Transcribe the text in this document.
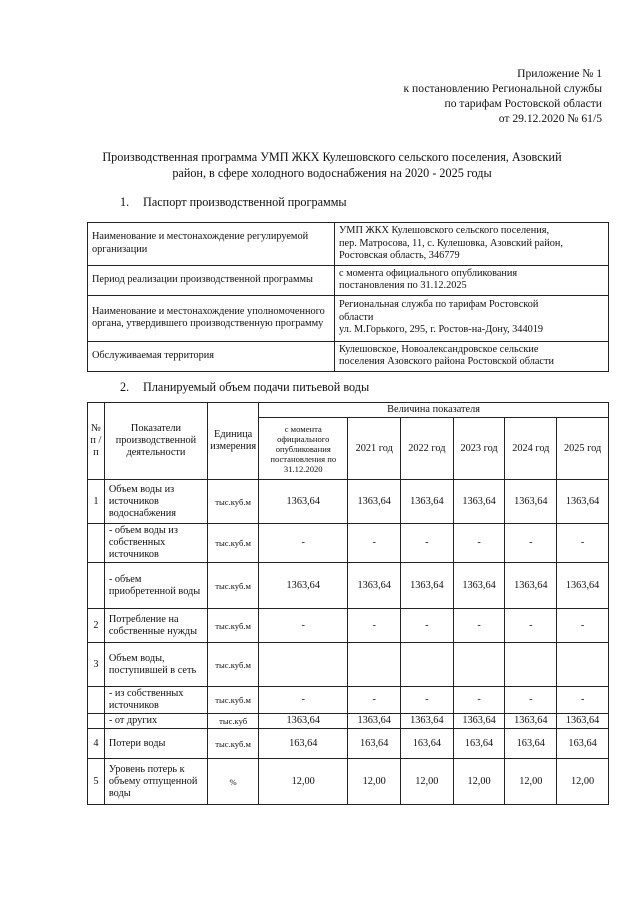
Приложение № 1
к постановлению Региональной службы
по тарифам Ростовской области
от 29.12.2020 № 61/5
Производственная программа УМП ЖКХ Кулешовского сельского поселения, Азовский район, в сфере холодного водоснабжения на 2020 - 2025 годы
1. Паспорт производственной программы
Наименование и местонахождение регулируемой организации	УМП ЖКХ Кулешовского сельского поселения,
пер. Матросова, 11, с. Кулешовка, Азовский район,
Ростовская область, 346779

Период реализации производственной программы	с момента официального опубликования
постановления по 31.12.2025

Наименование и местонахождение уполномоченного органа, утвердившего производственную программу	Региональная служба по тарифам Ростовской
области
ул. М.Горького, 295, г. Ростов-на-Дону, 344019

Обслуживаемая территория	Кулешовское, Новоалександровское сельские
поселения Азовского района Ростовской области
2. Планируемый объем подачи питьевой воды
№ п / п	Показатели производственной деятельности	Единица измерения	Величина показателя					
			с момента официального опубликования постановления по 31.12.2020	2021 год	2022 год	2023 год	2024 год	2025 год
1	Объем воды из источников водоснабжения	тыс.куб.м	1363,64	1363,64	1363,64	1363,64	1363,64	1363,64
	- объем воды из собственных источников	тыс.куб.м	-	-	-	-	-	-
	- объем приобретенной воды	тыс.куб.м	1363,64	1363,64	1363,64	1363,64	1363,64	1363,64
2	Потребление на собственные нужды	тыс.куб.м	-	-	-	-	-	-
3	Объем воды, поступившей в сеть	тыс.куб.м						
	- из собственных источников	тыс.куб.м	-	-	-	-	-	-
	- от других	тыс.куб	1363,64	1363,64	1363,64	1363,64	1363,64	1363,64
4	Потери воды	тыс.куб.м	163,64	163,64	163,64	163,64	163,64	163,64
5	Уровень потерь к объему отпущенной воды	%	12,00	12,00	12,00	12,00	12,00	12,00
